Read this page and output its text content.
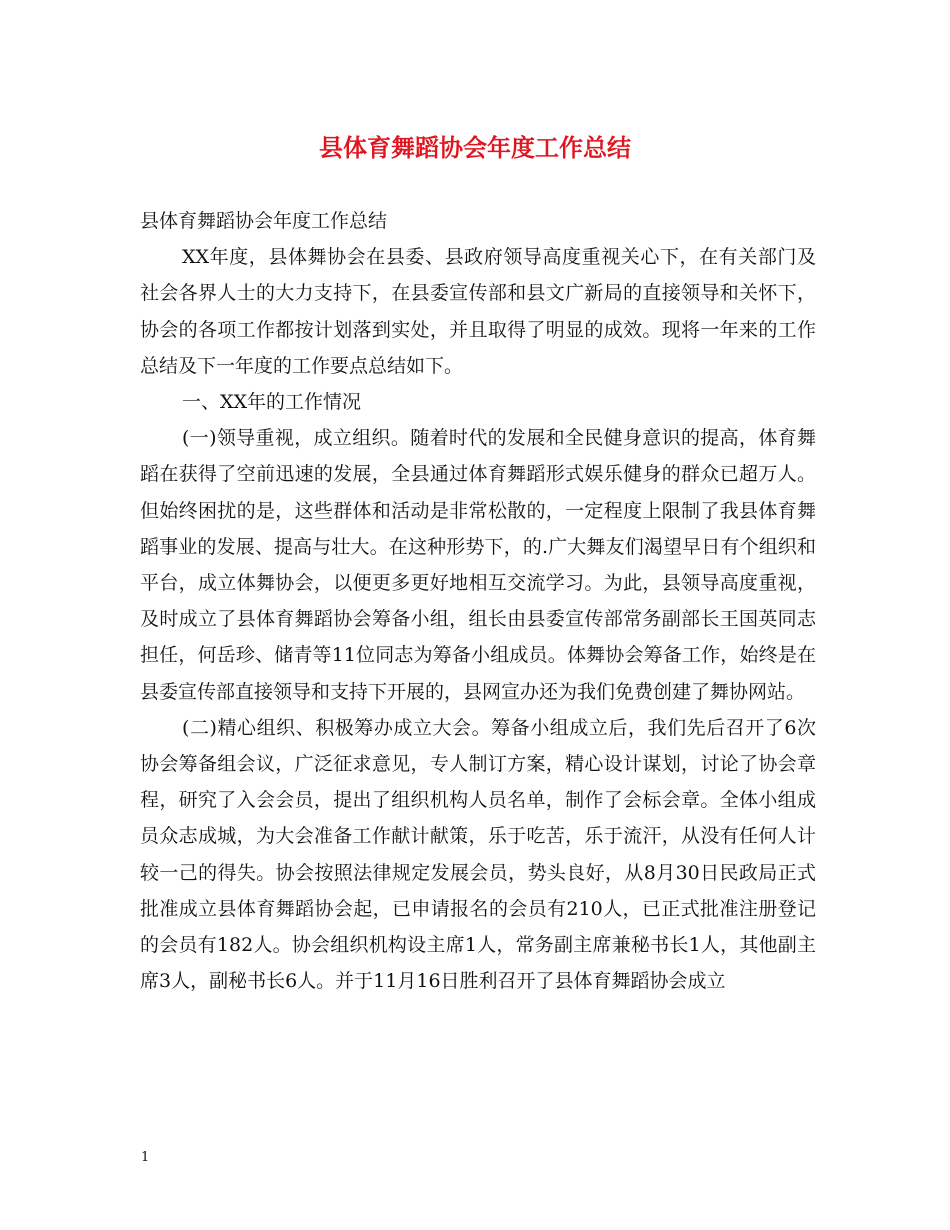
县体育舞蹈协会年度工作总结

县体育舞蹈协会年度工作总结

XX年度，县体舞协会在县委、县政府领导高度重视关心下，在有关部门及社会各界人士的大力支持下，在县委宣传部和县文广新局的直接领导和关怀下，协会的各项工作都按计划落到实处，并且取得了明显的成效。现将一年来的工作总结及下一年度的工作要点总结如下。

一、XX年的工作情况

(一)领导重视，成立组织。随着时代的发展和全民健身意识的提高，体育舞蹈在获得了空前迅速的发展，全县通过体育舞蹈形式娱乐健身的群众已超万人。但始终困扰的是，这些群体和活动是非常松散的，一定程度上限制了我县体育舞蹈事业的发展、提高与壮大。在这种形势下，的.广大舞友们渴望早日有个组织和平台，成立体舞协会，以便更多更好地相互交流学习。为此，县领导高度重视，及时成立了县体育舞蹈协会筹备小组，组长由县委宣传部常务副部长王国英同志担任，何岳珍、储青等11位同志为筹备小组成员。体舞协会筹备工作，始终是在县委宣传部直接领导和支持下开展的，县网宣办还为我们免费创建了舞协网站。

(二)精心组织、积极筹办成立大会。筹备小组成立后，我们先后召开了6次协会筹备组会议，广泛征求意见，专人制订方案，精心设计谋划，讨论了协会章程，研究了入会会员，提出了组织机构人员名单，制作了会标会章。全体小组成员众志成城，为大会准备工作献计献策，乐于吃苦，乐于流汗，从没有任何人计较一己的得失。协会按照法律规定发展会员，势头良好，从8月30日民政局正式批准成立县体育舞蹈协会起，已申请报名的会员有210人，已正式批准注册登记的会员有182人。协会组织机构设主席1人，常务副主席兼秘书长1人，其他副主席3人，副秘书长6人。并于11月16日胜利召开了县体育舞蹈协会成立

1
